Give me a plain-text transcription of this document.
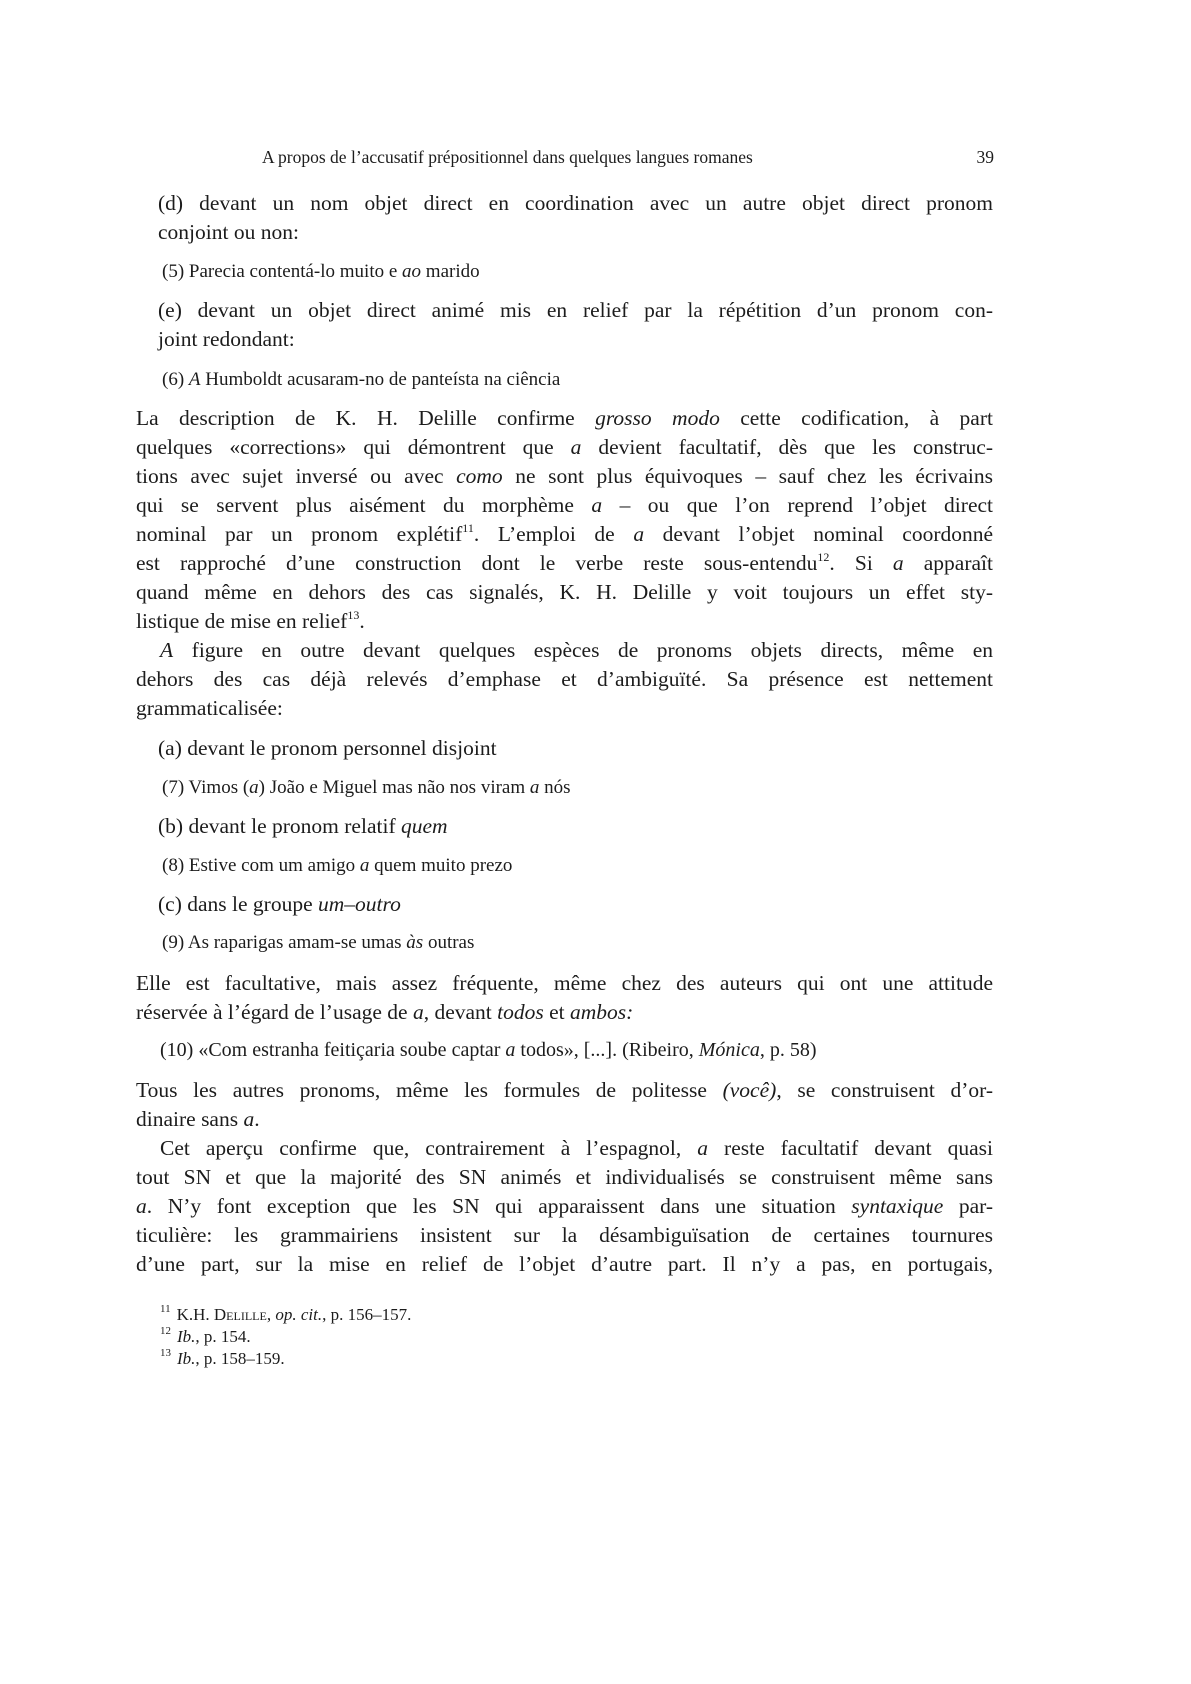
A propos de l’accusatif prépositionnel dans quelques langues romanes	39
(d) devant un nom objet direct en coordination avec un autre objet direct pronom
conjoint ou non:
(5) Parecia contentá-lo muito e ao marido
(e) devant un objet direct animé mis en relief par la répétition d’un pronom con-
joint redondant:
(6) A Humboldt acusaram-no de panteísta na ciência
La description de K. H. Delille confirme grosso modo cette codification, à part
quelques «corrections» qui démontrent que a devient facultatif, dès que les construc-
tions avec sujet inversé ou avec como ne sont plus équivoques – sauf chez les écrivains
qui se servent plus aisément du morphème a – ou que l’on reprend l’objet direct
nominal par un pronom explétif$^{11}$. L’emploi de a devant l’objet nominal coordonné
est rapproché d’une construction dont le verbe reste sous-entendu$^{12}$. Si a apparaît
quand même en dehors des cas signalés, K. H. Delille y voit toujours un effet sty-
listique de mise en relief$^{13}$.
A figure en outre devant quelques espèces de pronoms objets directs, même en
dehors des cas déjà relevés d’emphase et d’ambiguïté. Sa présence est nettement
grammaticalisée:
(a) devant le pronom personnel disjoint
(7) Vimos (a) João e Miguel mas não nos viram a nós
(b) devant le pronom relatif quem
(8) Estive com um amigo a quem muito prezo
(c) dans le groupe um–outro
(9) As raparigas amam-se umas às outras
Elle est facultative, mais assez fréquente, même chez des auteurs qui ont une attitude
réservée à l’égard de l’usage de a, devant todos et ambos:
(10) «Com estranha feitiçaria soube captar a todos», [...]. (Ribeiro, Mónica, p. 58)
Tous les autres pronoms, même les formules de politesse (você), se construisent d’or-
dinaire sans a.
Cet aperçu confirme que, contrairement à l’espagnol, a reste facultatif devant quasi
tout SN et que la majorité des SN animés et individualisés se construisent même sans
a. N’y font exception que les SN qui apparaissent dans une situation syntaxique par-
ticulière: les grammairiens insistent sur la désambiguïsation de certaines tournures
d’une part, sur la mise en relief de l’objet d’autre part. Il n’y a pas, en portugais,
$^{11}$ K.H. Delille, op. cit., p. 156–157.
$^{12}$ Ib., p. 154.
$^{13}$ Ib., p. 158–159.
